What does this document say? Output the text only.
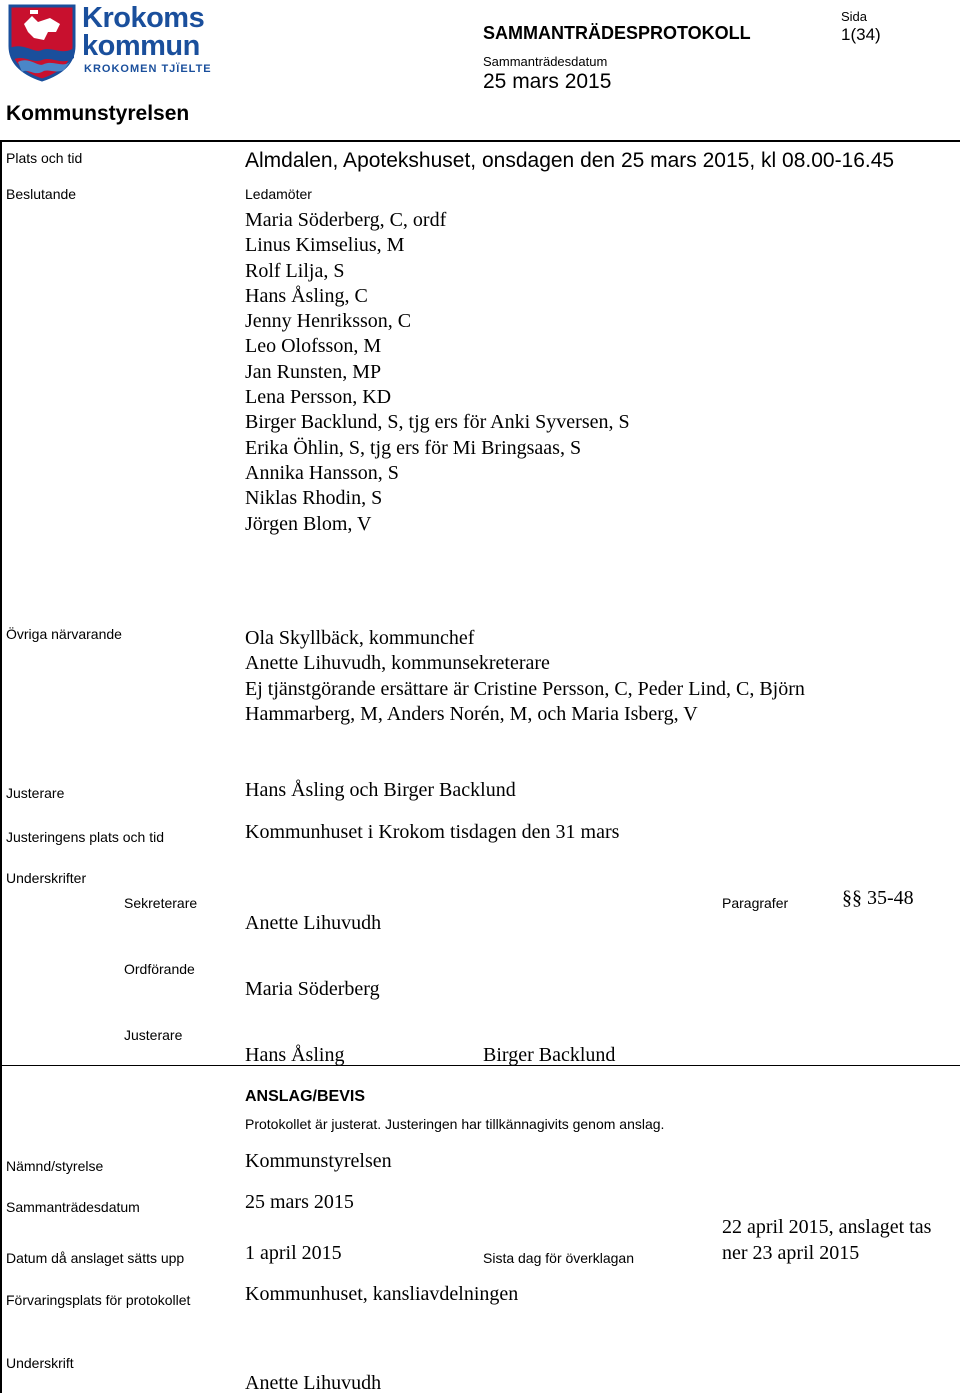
Krokoms
kommun
KROKOMEN TJÏELTE
Kommunstyrelsen
SAMMANTRÄDESPROTOKOLL
Sammanträdesdatum
25 mars 2015
Sida
1(34)
Plats och tid	Almdalen, Apotekshuset, onsdagen den 25 mars 2015, kl 08.00-16.45
Beslutande	Ledamöter
Maria Söderberg, C, ordf
Linus Kimselius, M
Rolf Lilja, S
Hans Åsling, C
Jenny Henriksson, C
Leo Olofsson, M
Jan Runsten, MP
Lena Persson, KD
Birger Backlund, S, tjg ers för Anki Syversen, S
Erika Öhlin, S, tjg ers för Mi Bringsaas, S
Annika Hansson, S
Niklas Rhodin, S
Jörgen Blom, V
Övriga närvarande	Ola Skyllbäck, kommunchef
Anette Lihuvudh, kommunsekreterare
Ej tjänstgörande ersättare är Cristine Persson, C, Peder Lind, C, Björn
Hammarberg, M, Anders Norén, M, och Maria Isberg, V
Justerare	Hans Åsling och Birger Backlund
Justeringens plats och tid	Kommunhuset i Krokom tisdagen den 31 mars
Underskrifter
Sekreterare
Anette Lihuvudh
Paragrafer	§§ 35-48
Ordförande
Maria Söderberg
Justerare
Hans Åsling	Birger Backlund
ANSLAG/BEVIS
Protokollet är justerat. Justeringen har tillkännagivits genom anslag.
Nämnd/styrelse	Kommunstyrelsen
Sammanträdesdatum	25 mars 2015
Datum då anslaget sätts upp	1 april 2015	Sista dag för överklagan
22 april 2015, anslaget tas
ner 23 april 2015
Förvaringsplats för protokollet	Kommunhuset, kansliavdelningen
Underskrift
Anette Lihuvudh
